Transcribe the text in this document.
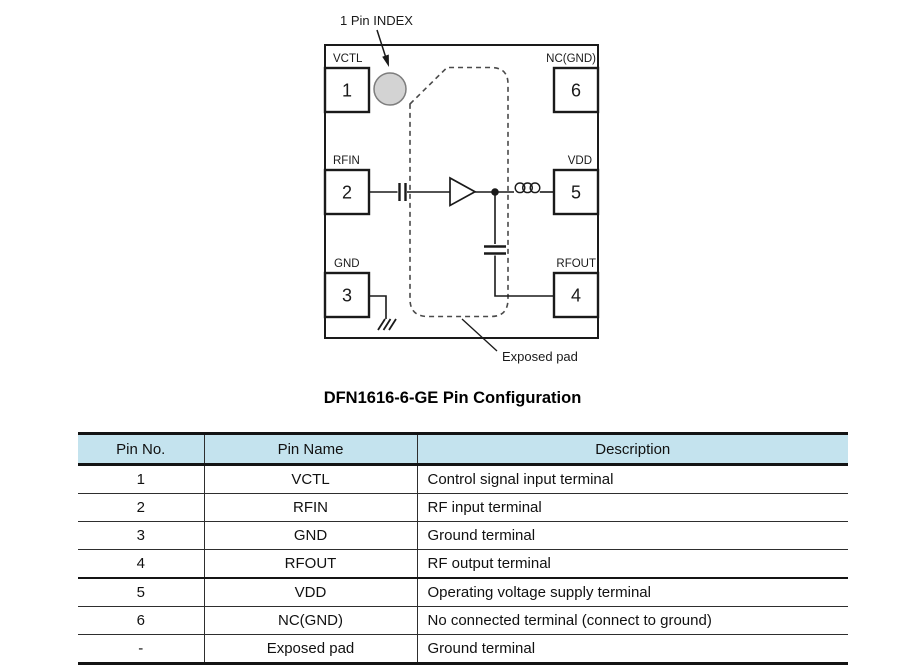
1 Pin INDEX
1
2
3
6
5
4
VCTL
RFIN
GND
NC(GND)
VDD
RFOUT
Exposed pad
DFN1616-6-GE Pin Configuration
Pin No.	Pin Name	Description
1	VCTL	Control signal input terminal
2	RFIN	RF input terminal
3	GND	Ground terminal
4	RFOUT	RF output terminal
5	VDD	Operating voltage supply terminal
6	NC(GND)	No connected terminal (connect to ground)
-	Exposed pad	Ground terminal
